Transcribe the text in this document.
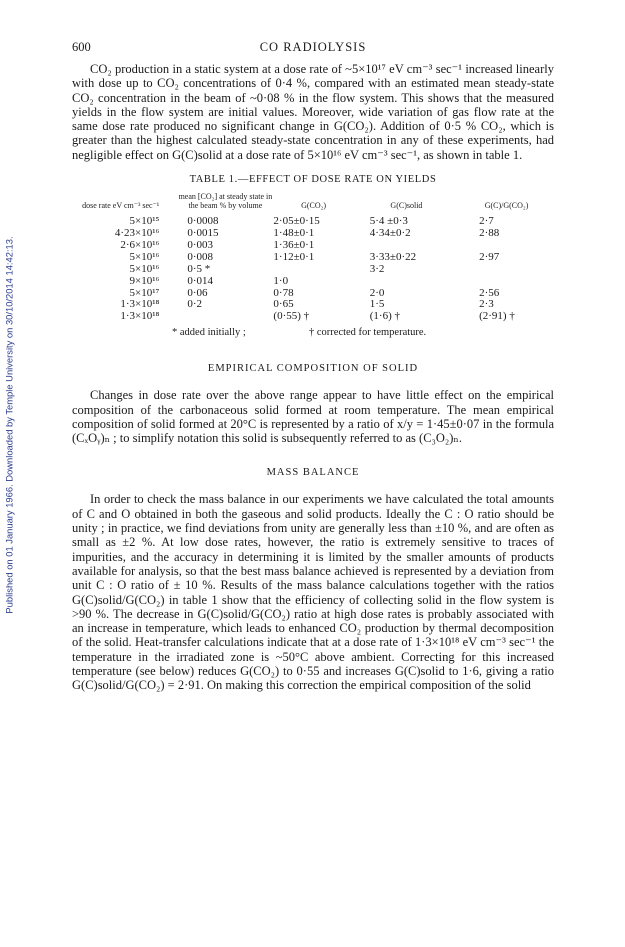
Published on 01 January 1966. Downloaded by Temple University on 30/10/2014 14:42:13.
600	CO RADIOLYSIS

CO₂ production in a static system at a dose rate of ~5×10¹⁷ eV cm⁻³ sec⁻¹ increased linearly with dose up to CO₂ concentrations of 0·4 %, compared with an estimated mean steady-state CO₂ concentration in the beam of ~0·08 % in the flow system. This shows that the measured yields in the flow system are initial values. Moreover, wide variation of gas flow rate at the same dose rate produced no significant change in G(CO₂). Addition of 0·5 % CO₂, which is greater than the highest calculated steady-state concentration in any of these experiments, had negligible effect on G(C)solid at a dose rate of 5×10¹⁶ eV cm⁻³ sec⁻¹, as shown in table 1.

TABLE 1.—EFFECT OF DOSE RATE ON YIELDS
dose rate eV cm⁻³ sec⁻¹	mean [CO₂] at steady state in the beam % by volume	G(CO₂)	G(C)solid	G(C)/G(CO₂)
5×10¹⁵	0·0008	2·05±0·15	5·4 ±0·3	2·7
4·23×10¹⁶	0·0015	1·48±0·1	4·34±0·2	2·88
2·6×10¹⁶	0·003	1·36±0·1		
5×10¹⁶	0·008	1·12±0·1	3·33±0·22	2·97
5×10¹⁶	0·5 *		3·2	
9×10¹⁶	0·014	1·0		
5×10¹⁷	0·06	0·78	2·0	2·56
1·3×10¹⁸	0·2	0·65	1·5	2·3
1·3×10¹⁸		(0·55) †	(1·6) †	(2·91) †
* added initially ;	† corrected for temperature.
EMPIRICAL COMPOSITION OF SOLID

Changes in dose rate over the above range appear to have little effect on the empirical composition of the carbonaceous solid formed at room temperature. The mean empirical composition of solid formed at 20°C is represented by a ratio of x/y = 1·45±0·07 in the formula (CₓOᵧ)ₙ ; to simplify notation this solid is subsequently referred to as (C₃O₂)ₙ.

MASS BALANCE

In order to check the mass balance in our experiments we have calculated the total amounts of C and O obtained in both the gaseous and solid products. Ideally the C : O ratio should be unity ; in practice, we find deviations from unity are generally less than ±10 %, and are often as small as ±2 %. At low dose rates, however, the ratio is extremely sensitive to traces of impurities, and the accuracy in determining it is limited by the smaller amounts of products available for analysis, so that the best mass balance achieved is represented by a deviation from unit C : O ratio of ± 10 %. Results of the mass balance calculations together with the ratios G(C)solid/G(CO₂) in table 1 show that the efficiency of collecting solid in the flow system is >90 %. The decrease in G(C)solid/G(CO₂) ratio at high dose rates is probably associated with an increase in temperature, which leads to enhanced CO₂ production by thermal decomposition of the solid. Heat-transfer calculations indicate that at a dose rate of 1·3×10¹⁸ eV cm⁻³ sec⁻¹ the temperature in the irradiated zone is ~50°C above ambient. Correcting for this increased temperature (see below) reduces G(CO₂) to 0·55 and increases G(C)solid to 1·6, giving a ratio G(C)solid/G(CO₂) = 2·91. On making this correction the empirical composition of the solid
